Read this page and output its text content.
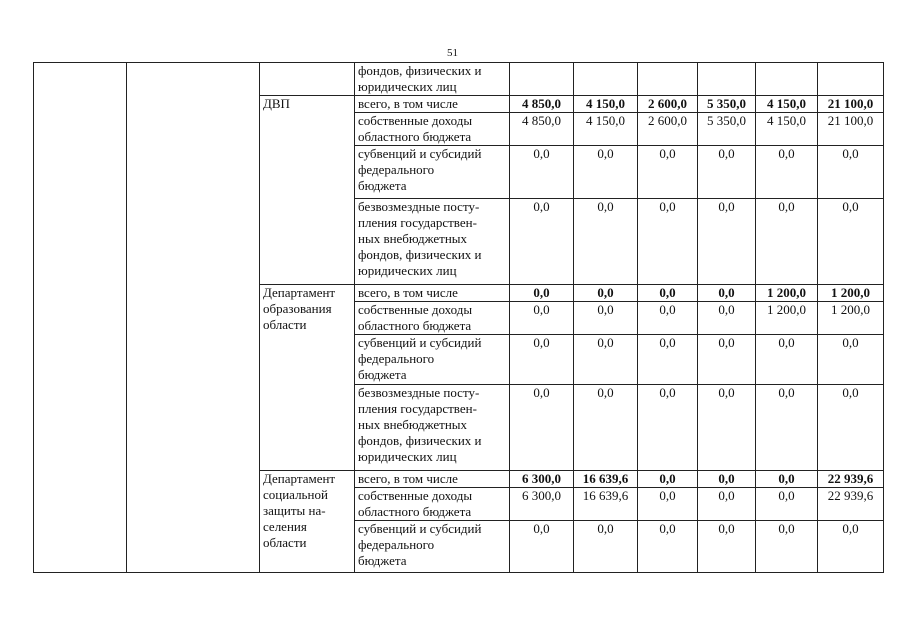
51

			фондов, физических и
юридических лиц						

		ДВП	всего, в том числе	4 850,0	4 150,0	2 600,0	5 350,0	4 150,0	21 100,0

			собственные доходы
областного бюджета	4 850,0	4 150,0	2 600,0	5 350,0	4 150,0	21 100,0

			субвенций и субсидий
федерального
бюджета	0,0	0,0	0,0	0,0	0,0	0,0

			безвозмездные посту-
пления государствен-
ных внебюджетных
фондов, физических и
юридических лиц	0,0	0,0	0,0	0,0	0,0	0,0

		Департамент
образования
области	всего, в том числе	0,0	0,0	0,0	0,0	1 200,0	1 200,0

			собственные доходы
областного бюджета	0,0	0,0	0,0	0,0	1 200,0	1 200,0

			субвенций и субсидий
федерального
бюджета	0,0	0,0	0,0	0,0	0,0	0,0

			безвозмездные посту-
пления государствен-
ных внебюджетных
фондов, физических и
юридических лиц	0,0	0,0	0,0	0,0	0,0	0,0

		Департамент
социальной
защиты на-
селения
области	всего, в том числе	6 300,0	16 639,6	0,0	0,0	0,0	22 939,6

			собственные доходы
областного бюджета	6 300,0	16 639,6	0,0	0,0	0,0	22 939,6

			субвенций и субсидий
федерального
бюджета	0,0	0,0	0,0	0,0	0,0	0,0
